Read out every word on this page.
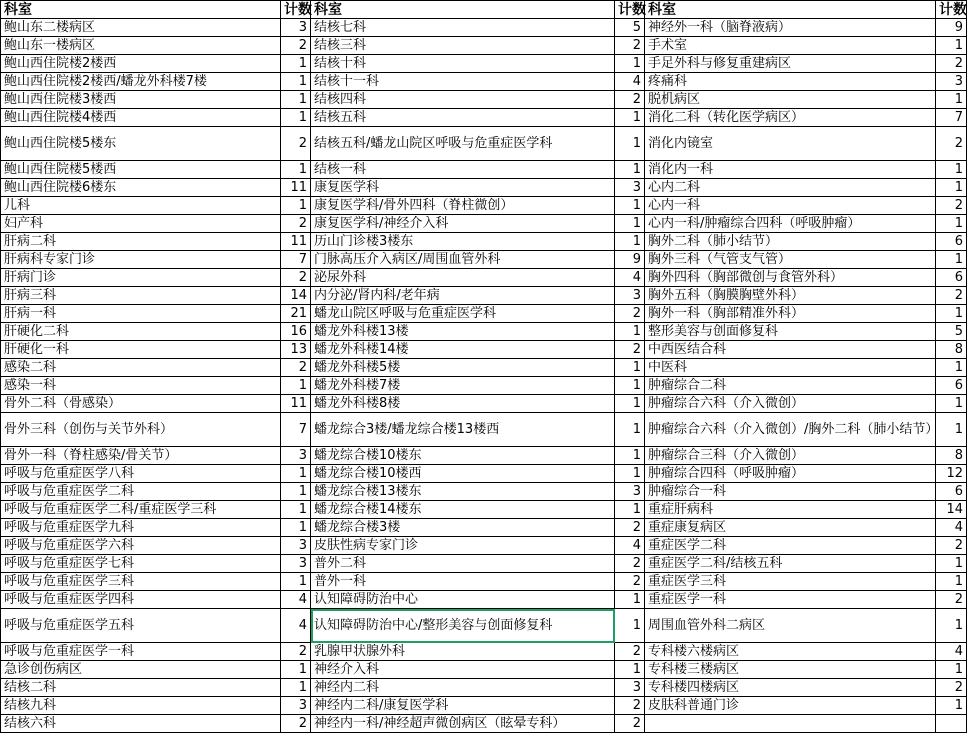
科室	计数	科室	计数	科室	计数
鲍山东二楼病区	3	结核七科	5	神经外一科（脑脊液病）	9
鲍山东一楼病区	2	结核三科	2	手术室	1
鲍山西住院楼2楼西	1	结核十科	1	手足外科与修复重建病区	2
鲍山西住院楼2楼西/蟠龙外科楼7楼	1	结核十一科	4	疼痛科	3
鲍山西住院楼3楼西	1	结核四科	2	脱机病区	1
鲍山西住院楼4楼西	1	结核五科	1	消化二科（转化医学病区）	7
鲍山西住院楼5楼东	2	结核五科/蟠龙山院区呼吸与危重症医学科	1	消化内镜室	2
鲍山西住院楼5楼西	1	结核一科	1	消化内一科	1
鲍山西住院楼6楼东	11	康复医学科	3	心内二科	1
儿科	1	康复医学科/骨外四科（脊柱微创）	1	心内一科	2
妇产科	2	康复医学科/神经介入科	1	心内一科/肿瘤综合四科（呼吸肿瘤）	1
肝病二科	11	历山门诊楼3楼东	1	胸外二科（肺小结节）	6
肝病科专家门诊	7	门脉高压介入病区/周围血管外科	9	胸外三科（气管支气管）	1
肝病门诊	2	泌尿外科	4	胸外四科（胸部微创与食管外科）	6
肝病三科	14	内分泌/肾内科/老年病	3	胸外五科（胸膜胸壁外科）	2
肝病一科	21	蟠龙山院区呼吸与危重症医学科	2	胸外一科（胸部精准外科）	1
肝硬化二科	16	蟠龙外科楼13楼	1	整形美容与创面修复科	5
肝硬化一科	13	蟠龙外科楼14楼	2	中西医结合科	8
感染二科	2	蟠龙外科楼5楼	1	中医科	1
感染一科	1	蟠龙外科楼7楼	1	肿瘤综合二科	6
骨外二科（骨感染）	11	蟠龙外科楼8楼	1	肿瘤综合六科（介入微创）	1
骨外三科（创伤与关节外科）	7	蟠龙综合3楼/蟠龙综合楼13楼西	1	肿瘤综合六科（介入微创）/胸外二科（肺小结节）	1
骨外一科（脊柱感染/骨关节）	3	蟠龙综合楼10楼东	1	肿瘤综合三科（介入微创）	8
呼吸与危重症医学八科	1	蟠龙综合楼10楼西	1	肿瘤综合四科（呼吸肿瘤）	12
呼吸与危重症医学二科	1	蟠龙综合楼13楼东	3	肿瘤综合一科	6
呼吸与危重症医学二科/重症医学三科	1	蟠龙综合楼14楼东	1	重症肝病科	14
呼吸与危重症医学九科	1	蟠龙综合楼3楼	2	重症康复病区	4
呼吸与危重症医学六科	3	皮肤性病专家门诊	4	重症医学二科	2
呼吸与危重症医学七科	3	普外二科	2	重症医学二科/结核五科	1
呼吸与危重症医学三科	1	普外一科	2	重症医学三科	1
呼吸与危重症医学四科	4	认知障碍防治中心	1	重症医学一科	2
呼吸与危重症医学五科	4	认知障碍防治中心/整形美容与创面修复科	1	周围血管外科二病区	1
呼吸与危重症医学一科	2	乳腺甲状腺外科	2	专科楼六楼病区	4
急诊创伤病区	1	神经介入科	1	专科楼三楼病区	1
结核二科	1	神经内二科	3	专科楼四楼病区	2
结核九科	3	神经内二科/康复医学科	2	皮肤科普通门诊	1
结核六科	2	神经内一科/神经超声微创病区（眩晕专科）	2		
